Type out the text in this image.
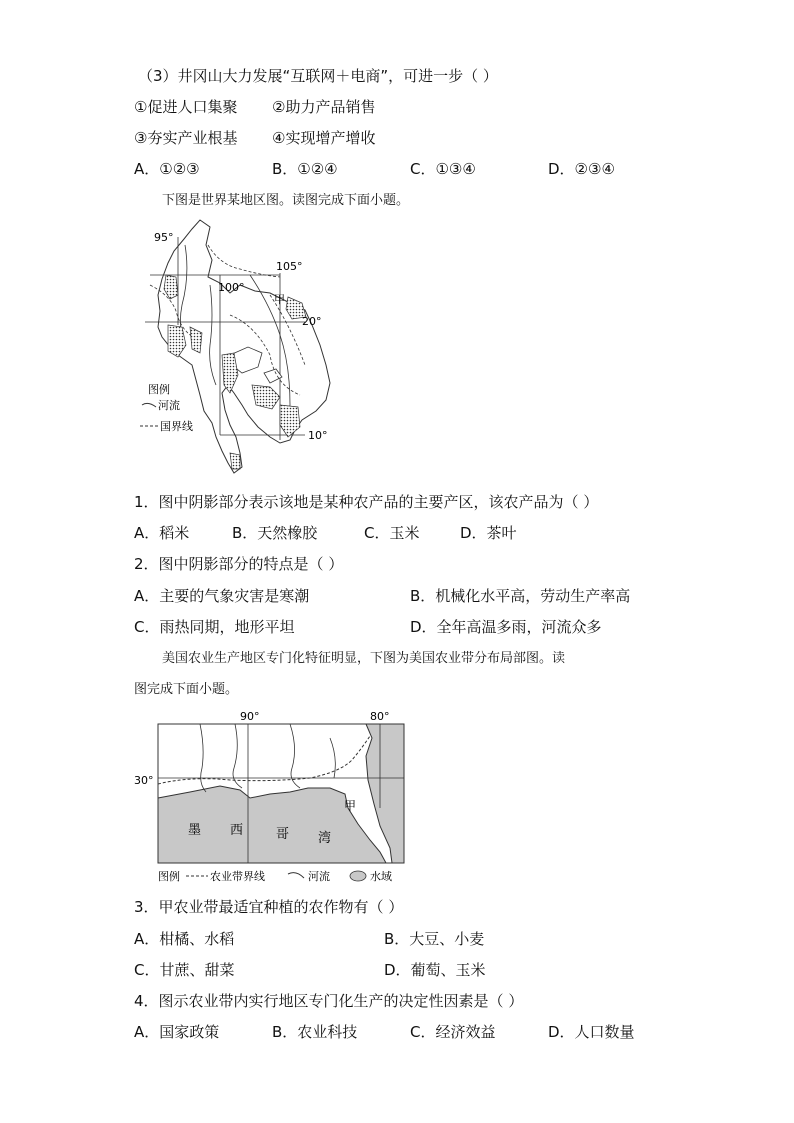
（3）井冈山大力发展“互联网＋电商”，可进一步（ ）
①促进人口集聚 ②助力产品销售
③夯实产业根基 ④实现增产增收
A．①②③	B．①②④	C．①③④	D．②③④
下图是世界某地区图。读图完成下面小题。
95°
100°
105°
20°
10°
甲
图例
河流
国界线
1．图中阴影部分表示该地是某种农产品的主要产区，该农产品为（ ）
A．稻米	B．天然橡胶	C．玉米	D．茶叶
2．图中阴影部分的特点是（ ）
A．主要的气象灾害是寒潮	B．机械化水平高，劳动生产率高
C．雨热同期，地形平坦	D．全年高温多雨，河流众多
美国农业生产地区专门化特征明显，下图为美国农业带分布局部图。读
图完成下面小题。
90°	80°
30°
甲
墨 西	哥 湾
图例	农业带界线	河流	水域
3．甲农业带最适宜种植的农作物有（ ）
A．柑橘、水稻	B．大豆、小麦
C．甘蔗、甜菜	D．葡萄、玉米
4．图示农业带内实行地区专门化生产的决定性因素是（ ）
A．国家政策	B．农业科技	C．经济效益	D．人口数量
